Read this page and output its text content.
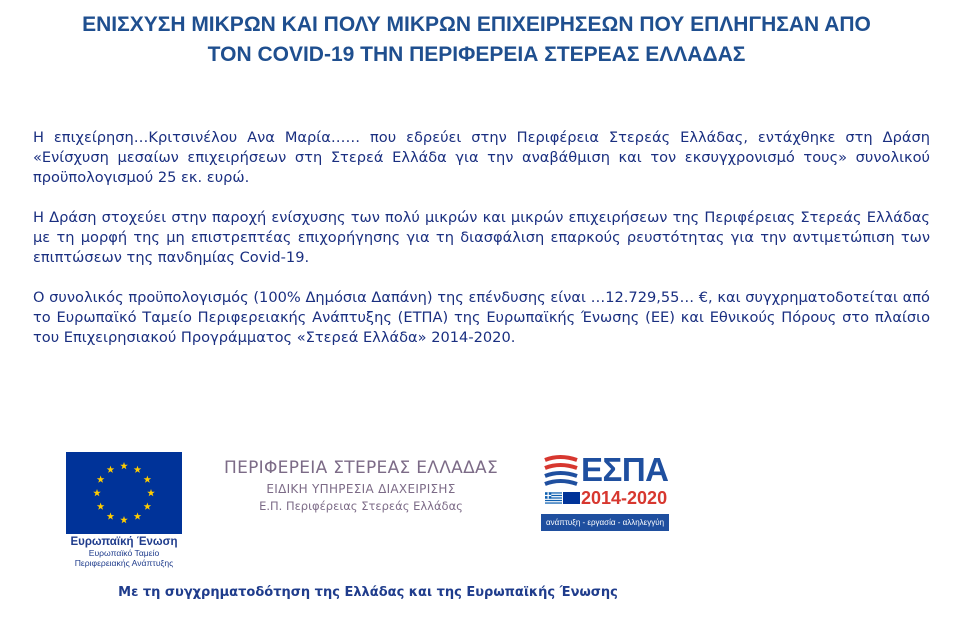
ΕΝΙΣΧΥΣΗ ΜΙΚΡΩΝ ΚΑΙ ΠΟΛΥ ΜΙΚΡΩΝ ΕΠΙΧΕΙΡΗΣΕΩΝ ΠΟΥ ΕΠΛΗΓΗΣΑΝ ΑΠΟ
ΤΟΝ COVID-19 ΤΗΝ ΠΕΡΙΦΕΡΕΙΑ ΣΤΕΡΕΑΣ ΕΛΛΑΔΑΣ

Η επιχείρηση…Κριτσινέλου Ανα Μαρία…… που εδρεύει στην Περιφέρεια Στερεάς Ελλάδας, εντάχθηκε στη Δράση «Ενίσχυση μεσαίων επιχειρήσεων στη Στερεά Ελλάδα για την αναβάθμιση και τον εκσυγχρονισμό τους» συνολικού προϋπολογισμού 25 εκ. ευρώ.

Η Δράση στοχεύει στην παροχή ενίσχυσης των πολύ μικρών και μικρών επιχειρήσεων της Περιφέρειας Στερεάς Ελλάδας με τη μορφή της μη επιστρεπτέας επιχορήγησης για τη διασφάλιση επαρκούς ρευστότητας για την αντιμετώπιση των επιπτώσεων της πανδημίας Covid-19.

Ο συνολικός προϋπολογισμός (100% Δημόσια Δαπάνη) της επένδυσης είναι …12.729,55… €, και συγχρηματοδοτείται από το Ευρωπαϊκό Ταμείο Περιφερειακής Ανάπτυξης (ΕΤΠΑ) της Ευρωπαϊκής Ένωσης (ΕΕ) και Εθνικούς Πόρους στο πλαίσιο του Επιχειρησιακού Προγράμματος «Στερεά Ελλάδα» 2014-2020.

Ευρωπαϊκή Ένωση
Ευρωπαϊκό Ταμείο
Περιφερειακής Ανάπτυξης
ΠΕΡΙΦΕΡΕΙΑ ΣΤΕΡΕΑΣ ΕΛΛΑΔΑΣ
ΕΙΔΙΚΗ ΥΠΗΡΕΣΙΑ ΔΙΑΧΕΙΡΙΣΗΣ
Ε.Π. Περιφέρειας Στερεάς Ελλάδας
ΕΣΠΑ
2014-2020
ανάπτυξη - εργασία - αλληλεγγύη
Με τη συγχρηματοδότηση της Ελλάδας και της Ευρωπαϊκής Ένωσης
